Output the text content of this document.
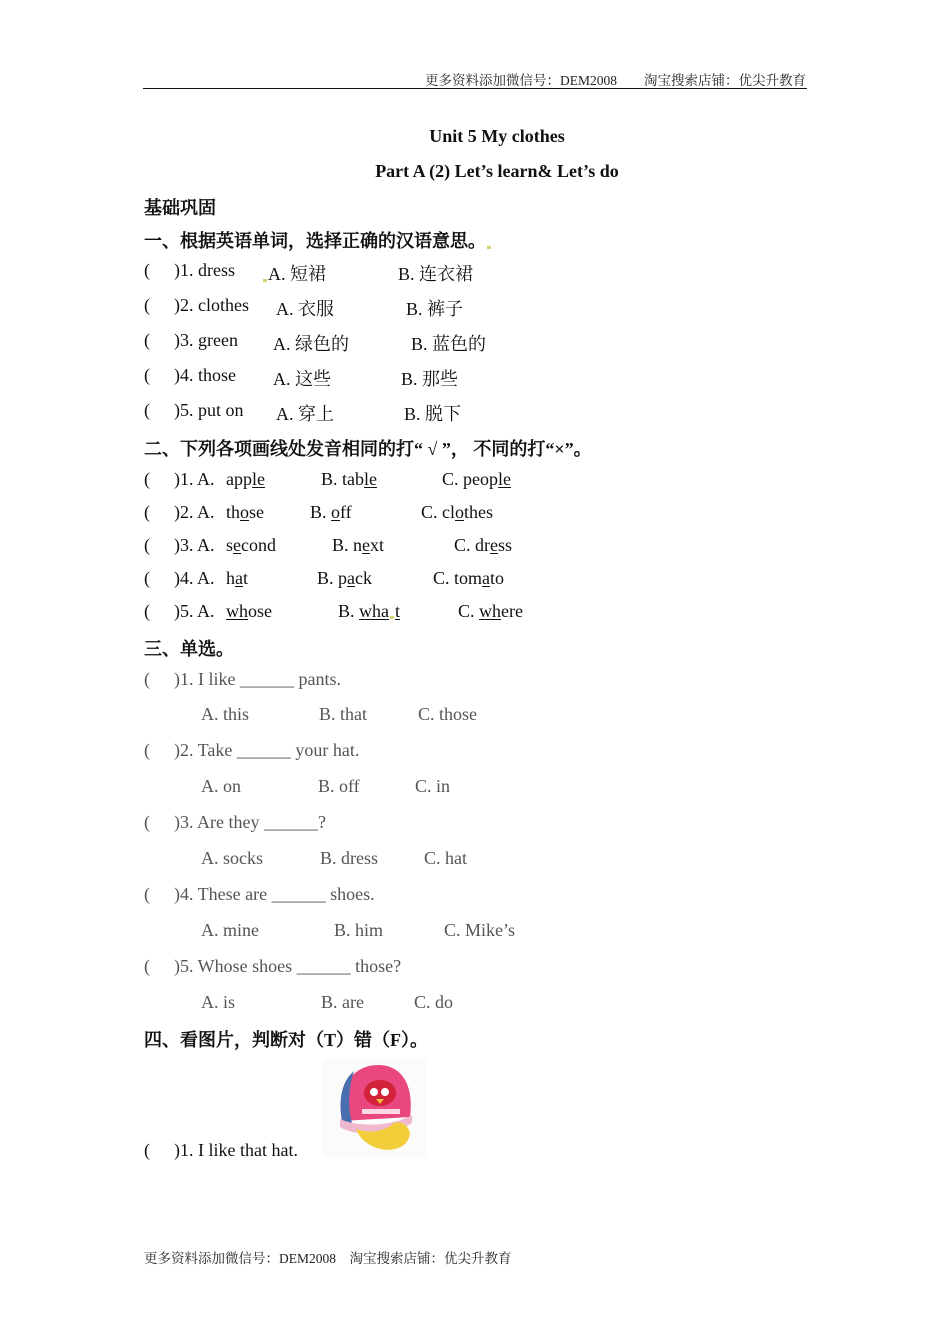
更多资料添加微信号：DEM2008　　淘宝搜索店铺：优尖升教育
Unit 5 My clothes
Part A (2) Let’s learn& Let’s do
基础巩固
一、根据英语单词，选择正确的汉语意思。
( )1. dress	A. 短裙	B. 连衣裙
( )2. clothes A. 衣服	B. 裤子
( )3. green A. 绿色的	B. 蓝色的
( )4. those A. 这些	B. 那些
( )5. put on A. 穿上	B. 脱下
二、下列各项画线处发音相同的打“ √ ”， 不同的打“×”。
( )1. A. apple	B. table	C. people
( )2. A. those	B. off	C. clothes
( )3. A. second	B. next	C. dress
( )4. A. hat	B. pack	C. tomato
( )5. A. whose	B. wha t	C. where
三、单选。
( )1. I like ______ pants.
A. this	B. that	C. those
( )2. Take ______ your hat.
A. on	B. off	C. in
( )3. Are they ______?
A. socks	B. dress	C. hat
( )4. These are ______ shoes.
A. mine	B. him	C. Mike’s
( )5. Whose shoes ______ those?
A. is	B. are	C. do
四、看图片，判断对（T）错（F）。
( )1. I like that hat.
更多资料添加微信号：DEM2008　淘宝搜索店铺：优尖升教育
